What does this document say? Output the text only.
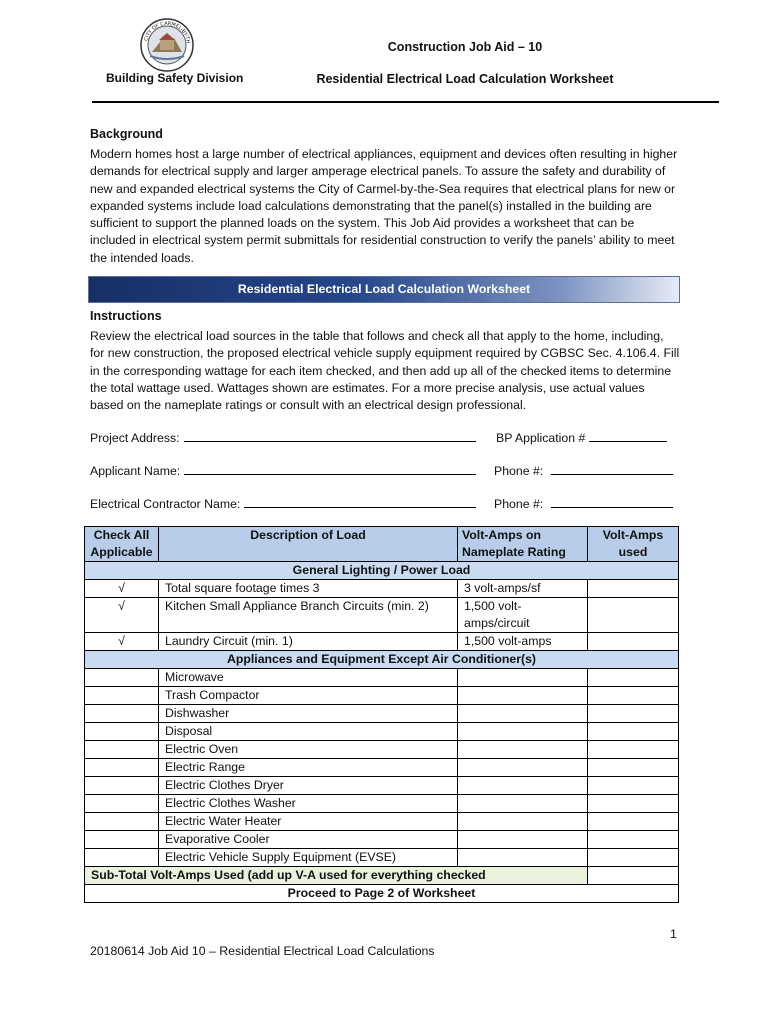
CITY OF CARMEL-BY-TH
Building Safety Division
Construction Job Aid – 10
Residential Electrical Load Calculation Worksheet
Background

Modern homes host a large number of electrical appliances, equipment and devices often resulting in higher demands for electrical supply and larger amperage electrical panels. To assure the safety and durability of new and expanded electrical systems the City of Carmel-by-the-Sea requires that electrical plans for new or expanded systems include load calculations demonstrating that the panel(s) installed in the building are sufficient to support the planned loads on the system. This Job Aid provides a worksheet that can be included in electrical system permit submittals for residential construction to verify the panels’ ability to meet the intended loads.

Residential Electrical Load Calculation Worksheet
Instructions

Review the electrical load sources in the table that follows and check all that apply to the home, including, for new construction, the proposed electrical vehicle supply equipment required by CGBSC Sec. 4.106.4. Fill in the corresponding wattage for each item checked, and then add up all of the checked items to determine the total wattage used. Wattages shown are estimates. For a more precise analysis, use actual values based on the nameplate ratings or consult with an electrical design professional.

Project Address:	BP Application #
Applicant Name:	Phone #:
Electrical Contractor Name:	Phone #:
Check All Applicable	Description of Load	Volt-Amps on Nameplate Rating	Volt-Amps used
General Lighting / Power Load			
√	Total square footage times 3	3 volt-amps/sf	
√	Kitchen Small Appliance Branch Circuits (min. 2)	1,500 volt-amps/circuit	
√	Laundry Circuit (min. 1)	1,500 volt-amps	
Appliances and Equipment Except Air Conditioner(s)			
	Microwave		
	Trash Compactor		
	Dishwasher		
	Disposal		
	Electric Oven		
	Electric Range		
	Electric Clothes Dryer		
	Electric Clothes Washer		
	Electric Water Heater		
	Evaporative Cooler		
	Electric Vehicle Supply Equipment (EVSE)		
Sub-Total Volt-Amps Used (add up V-A used for everything checked			
Proceed to Page 2 of Worksheet			
1
20180614 Job Aid 10 – Residential Electrical Load Calculations
